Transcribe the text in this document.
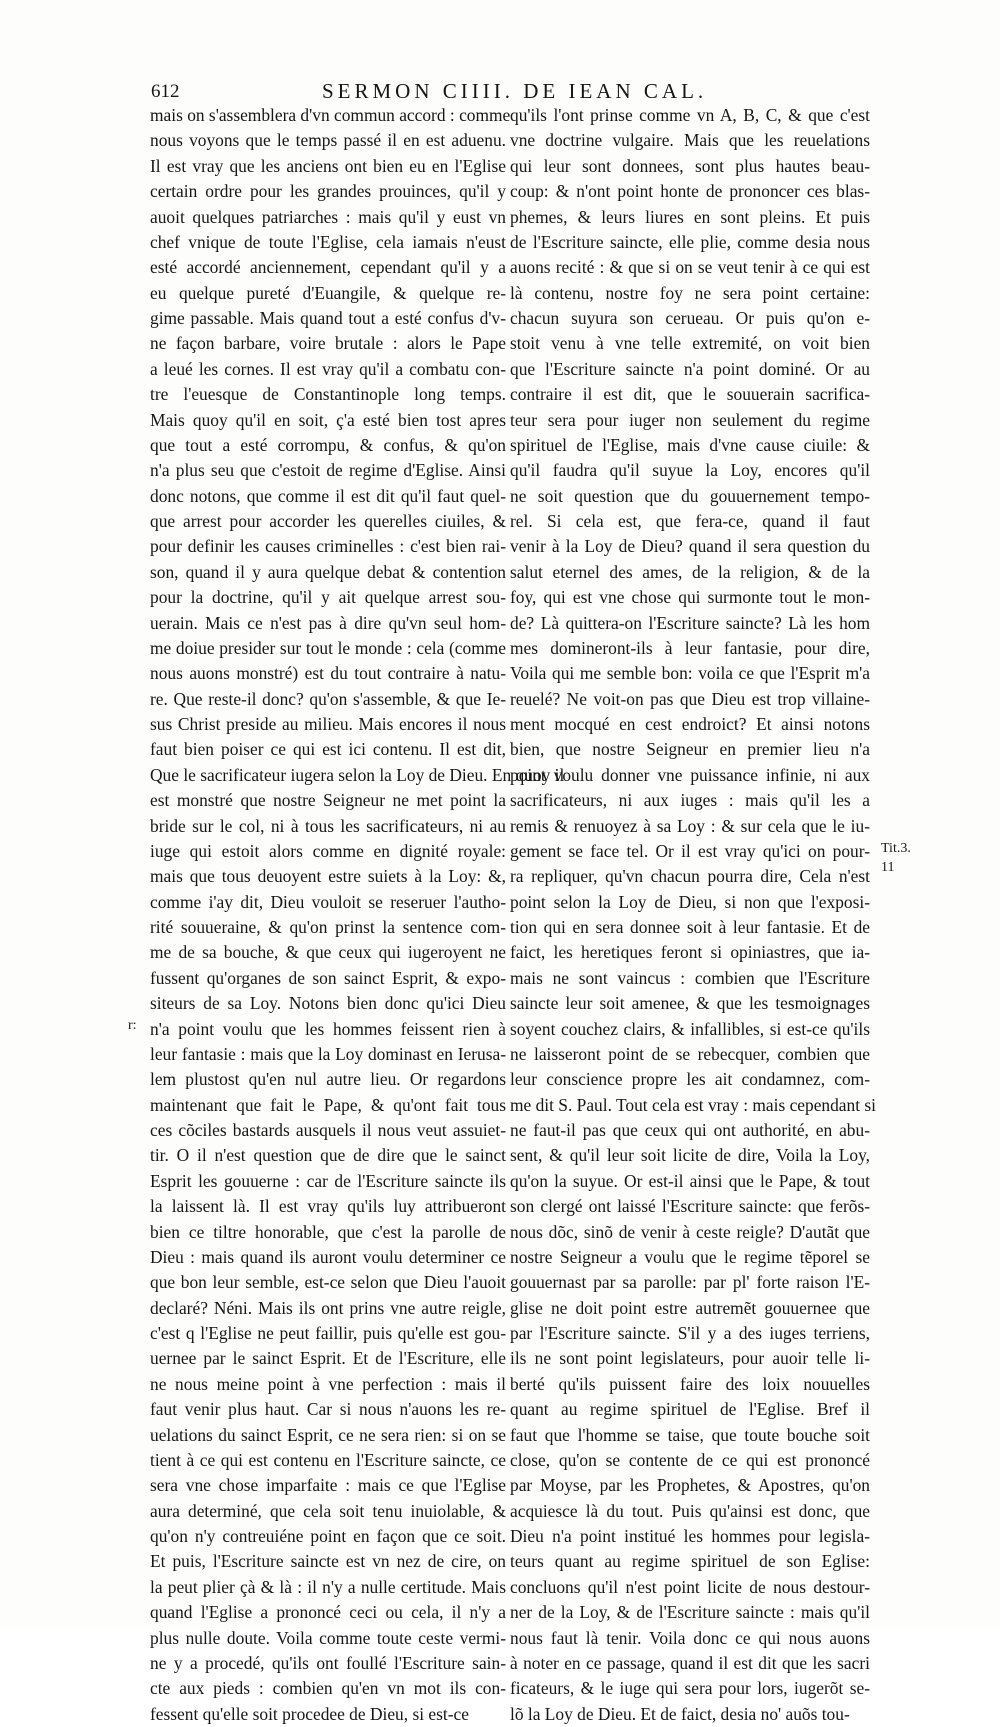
612	SERMON CIIII. DE IEAN CAL.
mais on s'assemblera d'vn commun accord : comme
nous voyons que le temps passé il en est aduenu.
Il est vray que les anciens ont bien eu en l'Eglise
certain ordre pour les grandes prouinces, qu'il y
auoit quelques patriarches : mais qu'il y eust vn
chef vnique de toute l'Eglise, cela iamais n'eust
esté accordé anciennement, cependant qu'il y a
eu quelque pureté d'Euangile, & quelque re-
gime passable. Mais quand tout a esté confus d'v-
ne façon barbare, voire brutale : alors le Pape
a leué les cornes. Il est vray qu'il a combatu con-
tre l'euesque de Constantinople long temps.
Mais quoy qu'il en soit, ç'a esté bien tost apres
que tout a esté corrompu, & confus, & qu'on
n'a plus seu que c'estoit de regime d'Eglise. Ainsi
donc notons, que comme il est dit qu'il faut quel-
que arrest pour accorder les querelles ciuiles, &
pour definir les causes criminelles : c'est bien rai-
son, quand il y aura quelque debat & contention
pour la doctrine, qu'il y ait quelque arrest sou-
uerain. Mais ce n'est pas à dire qu'vn seul hom-
me doiue presider sur tout le monde : cela (comme
nous auons monstré) est du tout contraire à natu-
re. Que reste-il donc? qu'on s'assemble, & que Ie-
sus Christ preside au milieu. Mais encores il nous
faut bien poiser ce qui est ici contenu. Il est dit,
Que le sacrificateur iugera selon la Loy de Dieu. En quoy il
est monstré que nostre Seigneur ne met point la
bride sur le col, ni à tous les sacrificateurs, ni au
iuge qui estoit alors comme en dignité royale:
mais que tous deuoyent estre suiets à la Loy: &,
comme i'ay dit, Dieu vouloit se reseruer l'autho-
rité souueraine, & qu'on prinst la sentence com-
me de sa bouche, & que ceux qui iugeroyent ne
fussent qu'organes de son sainct Esprit, & expo-
siteurs de sa Loy. Notons bien donc qu'ici Dieu
n'a point voulu que les hommes feissent rien à
leur fantasie : mais que la Loy dominast en Ierusa-
lem plustost qu'en nul autre lieu. Or regardons
maintenant que fait le Pape, & qu'ont fait tous
ces cõciles bastards ausquels il nous veut assuiet-
tir. O il n'est question que de dire que le sainct
Esprit les gouuerne : car de l'Escriture saincte ils
la laissent là. Il est vray qu'ils luy attribueront
bien ce tiltre honorable, que c'est la parolle de
Dieu : mais quand ils auront voulu determiner ce
que bon leur semble, est-ce selon que Dieu l'auoit
declaré? Néni. Mais ils ont prins vne autre reigle,
c'est q l'Eglise ne peut faillir, puis qu'elle est gou-
uernee par le sainct Esprit. Et de l'Escriture, elle
ne nous meine point à vne perfection : mais il
faut venir plus haut. Car si nous n'auons les re-
uelations du sainct Esprit, ce ne sera rien: si on se
tient à ce qui est contenu en l'Escriture saincte, ce
sera vne chose imparfaite : mais ce que l'Eglise
aura determiné, que cela soit tenu inuiolable, &
qu'on n'y contreuiéne point en façon que ce soit.
Et puis, l'Escriture saincte est vn nez de cire, on
la peut plier çà & là : il n'y a nulle certitude. Mais
quand l'Eglise a prononcé ceci ou cela, il n'y a
plus nulle doute. Voila comme toute ceste vermi-
ne y a procedé, qu'ils ont foullé l'Escriture sain-
cte aux pieds : combien qu'en vn mot ils con-
fessent qu'elle soit procedee de Dieu, si est-ce
qu'ils l'ont prinse comme vn A, B, C, & que c'est
vne doctrine vulgaire. Mais que les reuelations
qui leur sont donnees, sont plus hautes beau-
coup: & n'ont point honte de prononcer ces blas-
phemes, & leurs liures en sont pleins. Et puis
de l'Escriture saincte, elle plie, comme desia nous
auons recité : & que si on se veut tenir à ce qui est
là contenu, nostre foy ne sera point certaine:
chacun suyura son cerueau. Or puis qu'on e-
stoit venu à vne telle extremité, on voit bien
que l'Escriture saincte n'a point dominé. Or au
contraire il est dit, que le souuerain sacrifica-
teur sera pour iuger non seulement du regime
spirituel de l'Eglise, mais d'vne cause ciuile: &
qu'il faudra qu'il suyue la Loy, encores qu'il
ne soit question que du gouuernement tempo-
rel. Si cela est, que fera-ce, quand il faut
venir à la Loy de Dieu? quand il sera question du
salut eternel des ames, de la religion, & de la
foy, qui est vne chose qui surmonte tout le mon-
de? Là quittera-on l'Escriture saincte? Là les hom
mes domineront-ils à leur fantasie, pour dire,
Voila qui me semble bon: voila ce que l'Esprit m'a
reuelé? Ne voit-on pas que Dieu est trop villaine-
ment mocqué en cest endroict? Et ainsi notons
bien, que nostre Seigneur en premier lieu n'a
point voulu donner vne puissance infinie, ni aux
sacrificateurs, ni aux iuges : mais qu'il les a
remis & renuoyez à sa Loy : & sur cela que le iu-
gement se face tel. Or il est vray qu'ici on pour-
ra repliquer, qu'vn chacun pourra dire, Cela n'est
point selon la Loy de Dieu, si non que l'exposi-
tion qui en sera donnee soit à leur fantasie. Et de
faict, les heretiques feront si opiniastres, que ia-
mais ne sont vaincus : combien que l'Escriture
saincte leur soit amenee, & que les tesmoignages
soyent couchez clairs, & infallibles, si est-ce qu'ils
ne laisseront point de se rebecquer, combien que
leur conscience propre les ait condamnez, com-
me dit S. Paul. Tout cela est vray : mais cependant si
ne faut-il pas que ceux qui ont authorité, en abu-
sent, & qu'il leur soit licite de dire, Voila la Loy,
qu'on la suyue. Or est-il ainsi que le Pape, & tout
son clergé ont laissé l'Escriture saincte: que ferõs-
nous dõc, sinõ de venir à ceste reigle? D'autãt que
nostre Seigneur a voulu que le regime tẽporel se
gouuernast par sa parolle: par pl' forte raison l'E-
glise ne doit point estre autremẽt gouuernee que
par l'Escriture saincte. S'il y a des iuges terriens,
ils ne sont point legislateurs, pour auoir telle li-
berté qu'ils puissent faire des loix nouuelles
quant au regime spirituel de l'Eglise. Bref il
faut que l'homme se taise, que toute bouche soit
close, qu'on se contente de ce qui est prononcé
par Moyse, par les Prophetes, & Apostres, qu'on
acquiesce là du tout. Puis qu'ainsi est donc, que
Dieu n'a point institué les hommes pour legisla-
teurs quant au regime spirituel de son Eglise:
concluons qu'il n'est point licite de nous destour-
ner de la Loy, & de l'Escriture saincte : mais qu'il
nous faut là tenir. Voila donc ce qui nous auons
à noter en ce passage, quand il est dit que les sacri
ficateurs, & le iuge qui sera pour lors, iugerõt se-
lõ la Loy de Dieu. Et de faict, desia no' auõs tou-
Tit.3.
11
r:
